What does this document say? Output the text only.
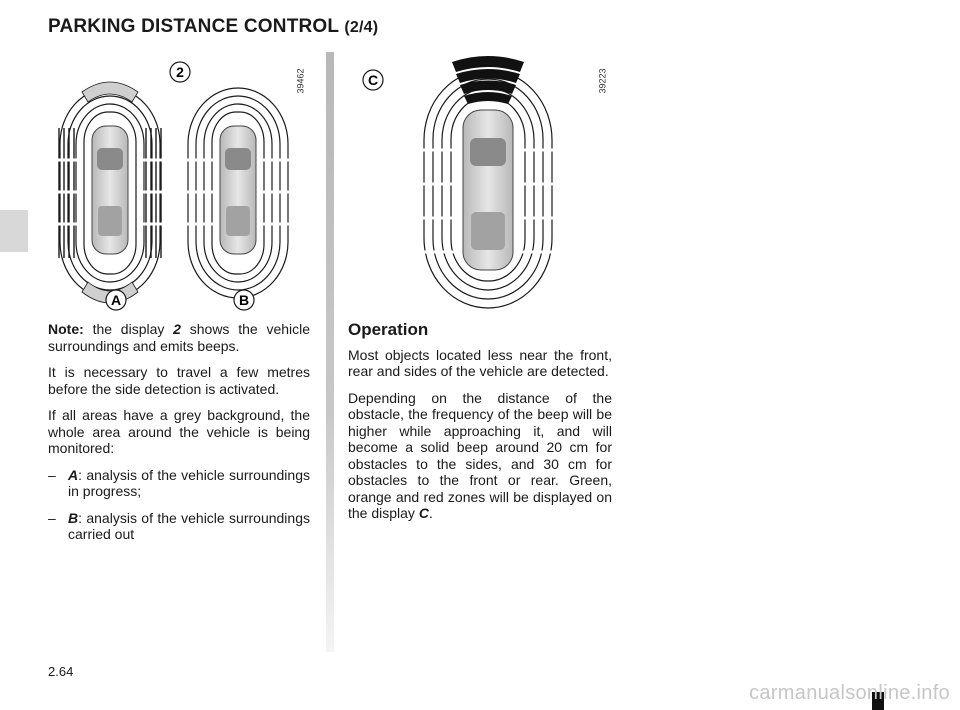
PARKING DISTANCE CONTROL (2/4)
2
A	B
39462	C	39223

Note: the display 2 shows the vehicle surroundings and emits beeps.

It is necessary to travel a few metres before the side detection is activated.

If all areas have a grey background, the whole area around the vehicle is being monitored:

– A: analysis of the vehicle surroundings in progress;
– B: analysis of the vehicle surroundings carried out
Operation

Most objects located less near the front, rear and sides of the vehicle are detected.

Depending on the distance of the obstacle, the frequency of the beep will be higher while approaching it, and will become a solid beep around 20 cm for obstacles to the sides, and 30 cm for obstacles to the front or rear. Green, orange and red zones will be displayed on the display C.

2.64
carmanualsonline.info
